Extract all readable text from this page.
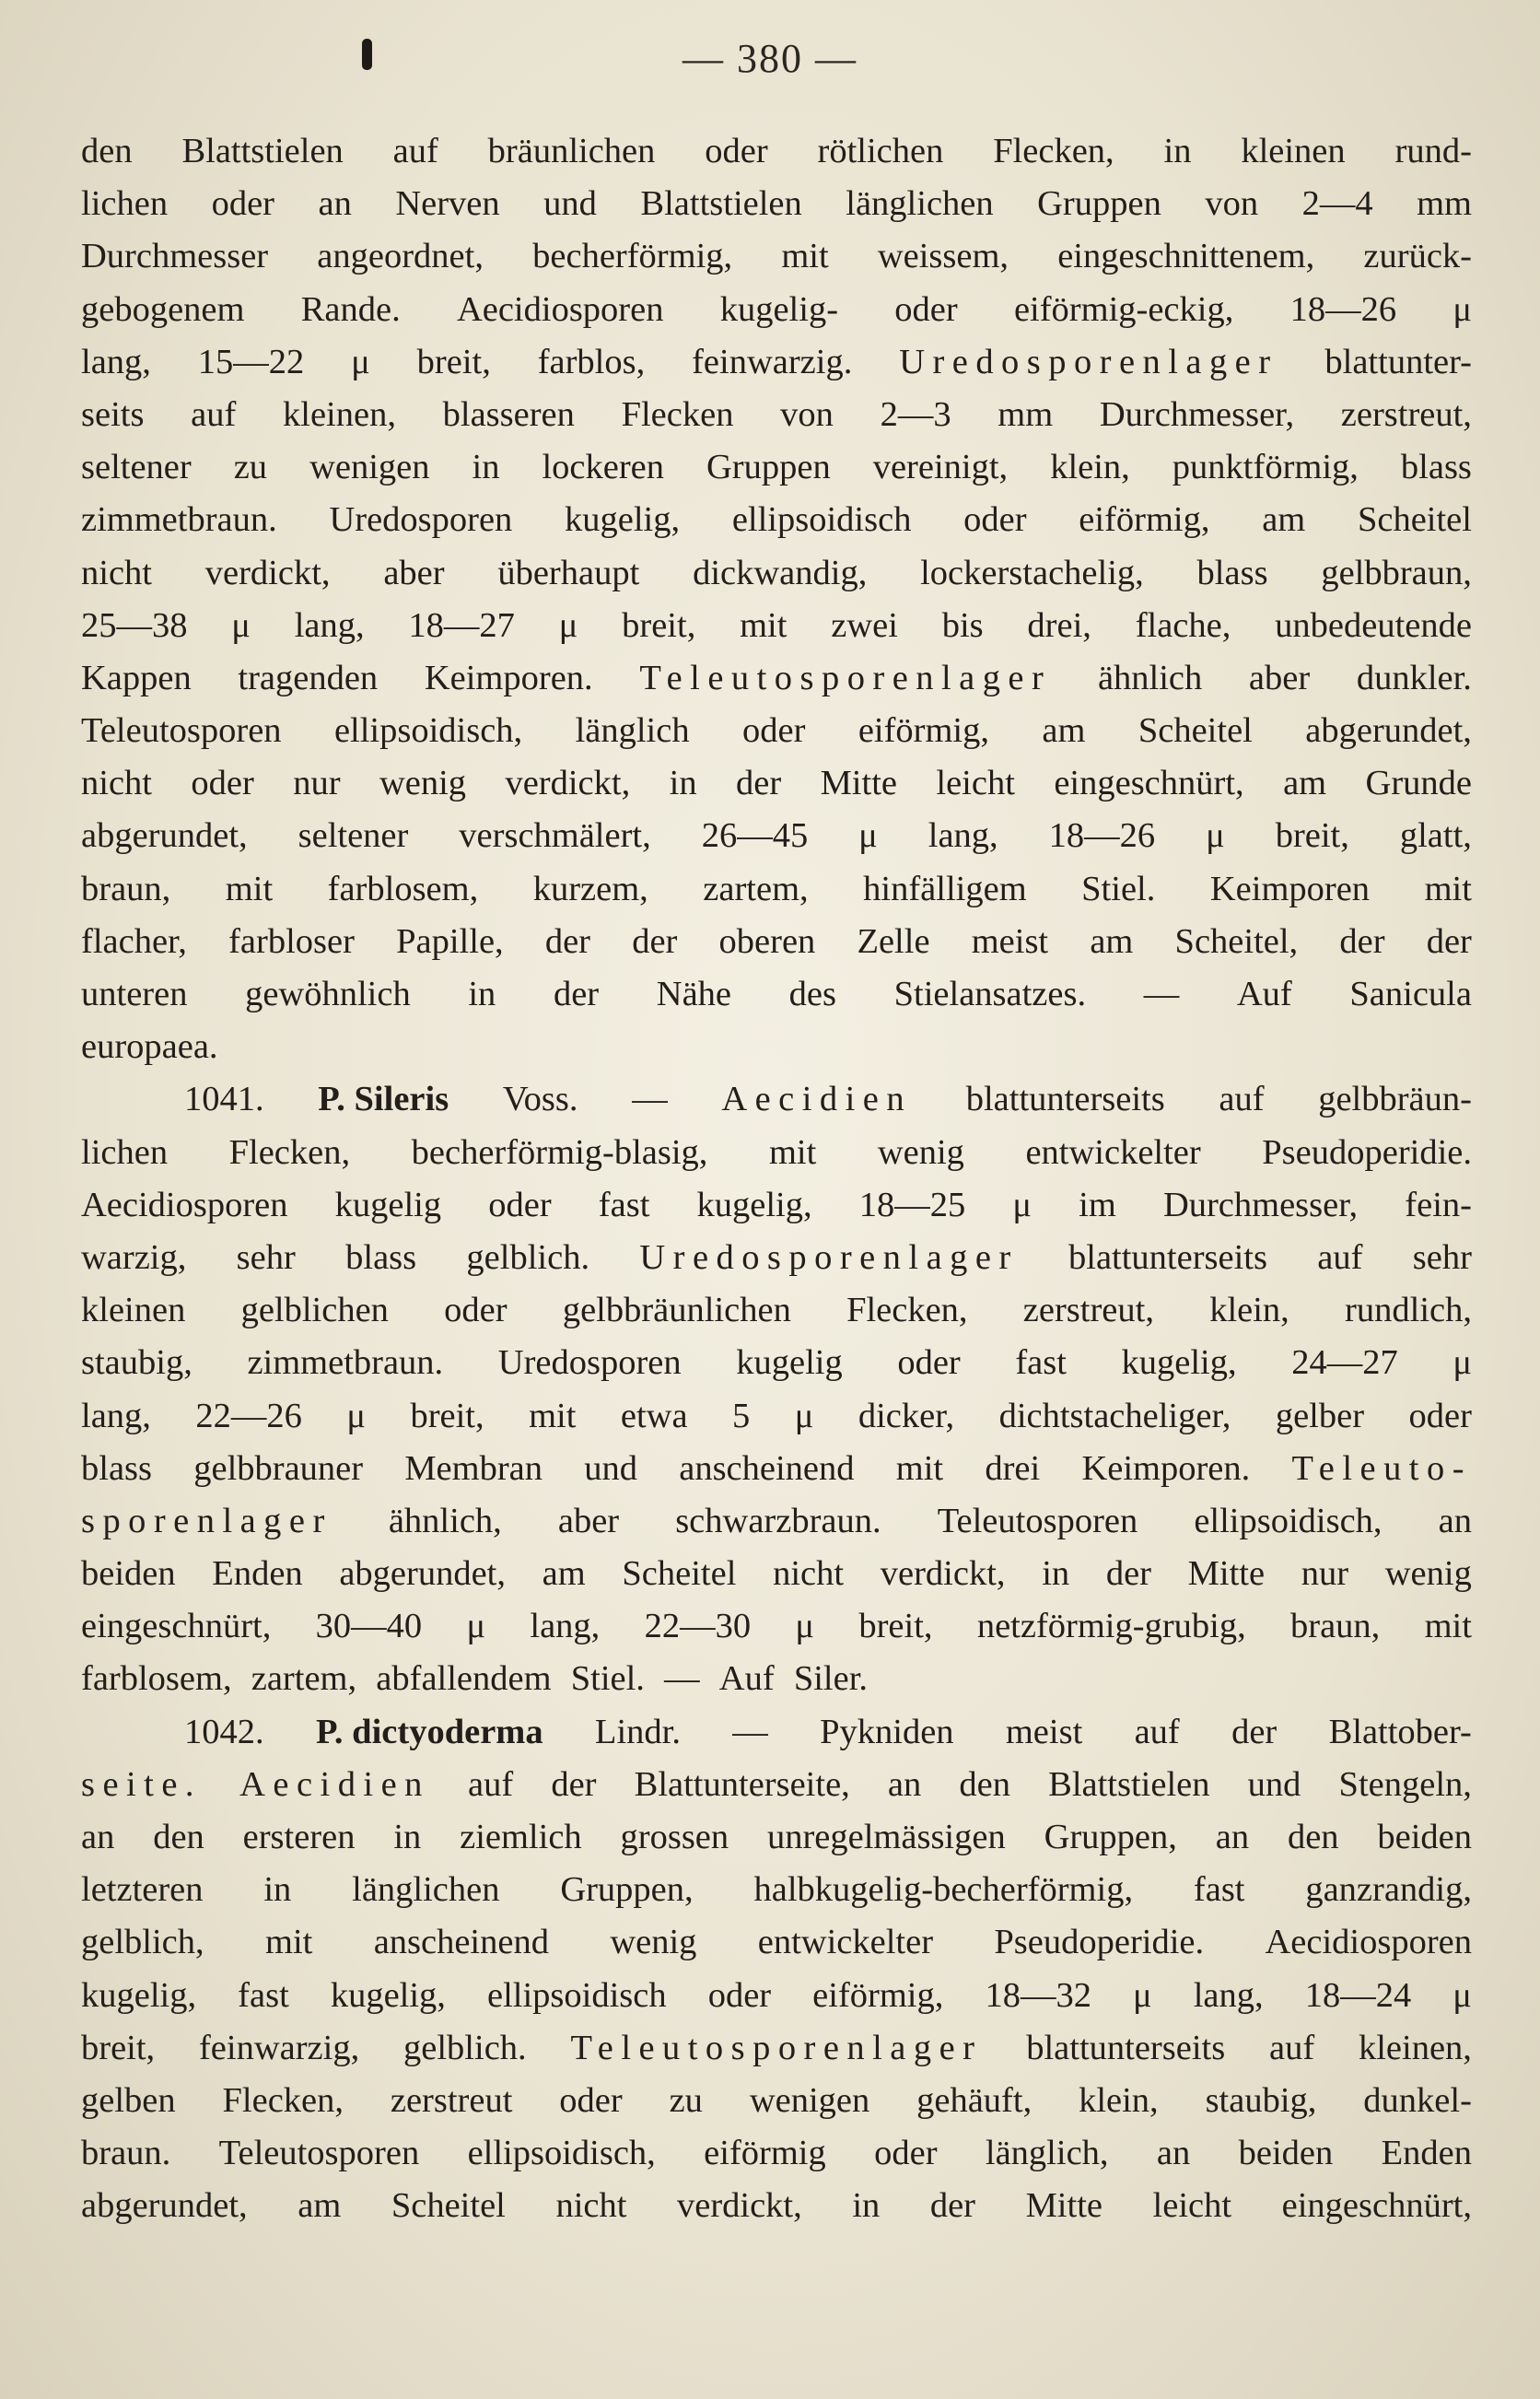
— 380 —
den Blattstielen auf bräunlichen oder rötlichen Flecken, in kleinen rund-
lichen oder an Nerven und Blattstielen länglichen Gruppen von 2—4 mm
Durchmesser angeordnet, becherförmig, mit weissem, eingeschnittenem, zurück-
gebogenem Rande. Aecidiosporen kugelig- oder eiförmig-eckig, 18—26 μ
lang, 15—22 μ breit, farblos, feinwarzig. Uredosporenlager blattunter-
seits auf kleinen, blasseren Flecken von 2—3 mm Durchmesser, zerstreut,
seltener zu wenigen in lockeren Gruppen vereinigt, klein, punktförmig, blass
zimmetbraun. Uredosporen kugelig, ellipsoidisch oder eiförmig, am Scheitel
nicht verdickt, aber überhaupt dickwandig, lockerstachelig, blass gelbbraun,
25—38 μ lang, 18—27 μ breit, mit zwei bis drei, flache, unbedeutende
Kappen tragenden Keimporen. Teleutosporenlager ähnlich aber dunkler.
Teleutosporen ellipsoidisch, länglich oder eiförmig, am Scheitel abgerundet,
nicht oder nur wenig verdickt, in der Mitte leicht eingeschnürt, am Grunde
abgerundet, seltener verschmälert, 26—45 μ lang, 18—26 μ breit, glatt,
braun, mit farblosem, kurzem, zartem, hinfälligem Stiel. Keimporen mit
flacher, farbloser Papille, der der oberen Zelle meist am Scheitel, der der
unteren gewöhnlich in der Nähe des Stielansatzes. — Auf Sanicula
europaea.
1041. P. Sileris Voss. — Aecidien blattunterseits auf gelbbräun-
lichen Flecken, becherförmig-blasig, mit wenig entwickelter Pseudoperidie.
Aecidiosporen kugelig oder fast kugelig, 18—25 μ im Durchmesser, fein-
warzig, sehr blass gelblich. Uredosporenlager blattunterseits auf sehr
kleinen gelblichen oder gelbbräunlichen Flecken, zerstreut, klein, rundlich,
staubig, zimmetbraun. Uredosporen kugelig oder fast kugelig, 24—27 μ
lang, 22—26 μ breit, mit etwa 5 μ dicker, dichtstacheliger, gelber oder
blass gelbbrauner Membran und anscheinend mit drei Keimporen. Teleuto-
sporenlager ähnlich, aber schwarzbraun. Teleutosporen ellipsoidisch, an
beiden Enden abgerundet, am Scheitel nicht verdickt, in der Mitte nur wenig
eingeschnürt, 30—40 μ lang, 22—30 μ breit, netzförmig-grubig, braun, mit
farblosem, zartem, abfallendem Stiel. — Auf Siler.
1042. P. dictyoderma Lindr. — Pykniden meist auf der Blattober-
seite. Aecidien auf der Blattunterseite, an den Blattstielen und Stengeln,
an den ersteren in ziemlich grossen unregelmässigen Gruppen, an den beiden
letzteren in länglichen Gruppen, halbkugelig-becherförmig, fast ganzrandig,
gelblich, mit anscheinend wenig entwickelter Pseudoperidie. Aecidiosporen
kugelig, fast kugelig, ellipsoidisch oder eiförmig, 18—32 μ lang, 18—24 μ
breit, feinwarzig, gelblich. Teleutosporenlager blattunterseits auf kleinen,
gelben Flecken, zerstreut oder zu wenigen gehäuft, klein, staubig, dunkel-
braun. Teleutosporen ellipsoidisch, eiförmig oder länglich, an beiden Enden
abgerundet, am Scheitel nicht verdickt, in der Mitte leicht eingeschnürt,
